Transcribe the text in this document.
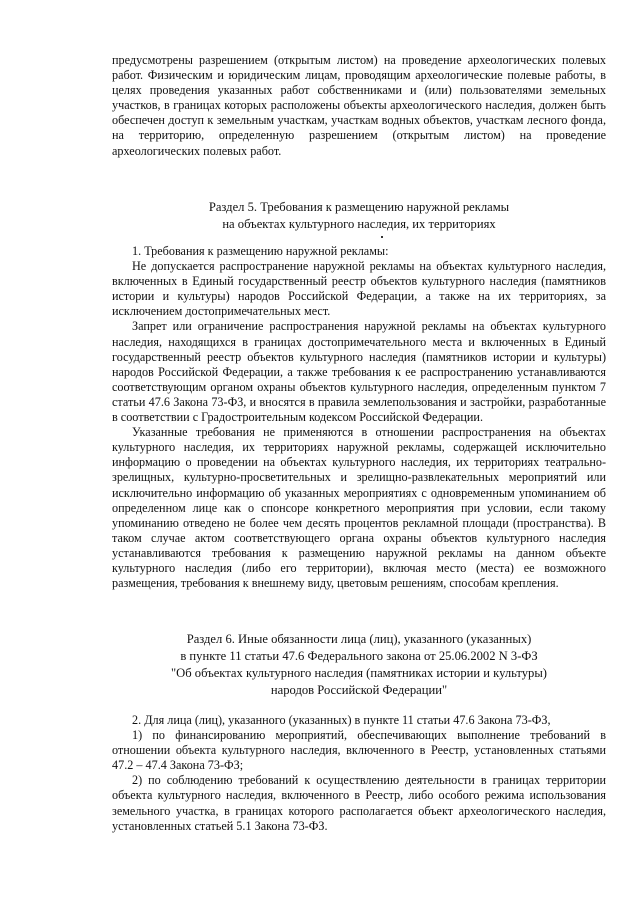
предусмотрены разрешением (открытым листом) на проведение археологических полевых работ. Физическим и юридическим лицам, проводящим археологические полевые работы, в целях проведения указанных работ собственниками и (или) пользователями земельных участков, в границах которых расположены объекты археологического наследия, должен быть обеспечен доступ к земельным участкам, участкам водных объектов, участкам лесного фонда, на территорию, определенную разрешением (открытым листом) на проведение археологических полевых работ.

Раздел 5. Требования к размещению наружной рекламы
на объектах культурного наследия, их территориях

1. Требования к размещению наружной рекламы:

Не допускается распространение наружной рекламы на объектах культурного наследия, включенных в Единый государственный реестр объектов культурного наследия (памятников истории и культуры) народов Российской Федерации, а также на их территориях, за исключением достопримечательных мест.

Запрет или ограничение распространения наружной рекламы на объектах культурного наследия, находящихся в границах достопримечательного места и включенных в Единый государственный реестр объектов культурного наследия (памятников истории и культуры) народов Российской Федерации, а также требования к ее распространению устанавливаются соответствующим органом охраны объектов культурного наследия, определенным пунктом 7 статьи 47.6 Закона 73-ФЗ, и вносятся в правила землепользования и застройки, разработанные в соответствии с Градостроительным кодексом Российской Федерации.

Указанные требования не применяются в отношении распространения на объектах культурного наследия, их территориях наружной рекламы, содержащей исключительно информацию о проведении на объектах культурного наследия, их территориях театрально-зрелищных, культурно-просветительных и зрелищно-развлекательных мероприятий или исключительно информацию об указанных мероприятиях с одновременным упоминанием об определенном лице как о спонсоре конкретного мероприятия при условии, если такому упоминанию отведено не более чем десять процентов рекламной площади (пространства). В таком случае актом соответствующего органа охраны объектов культурного наследия устанавливаются требования к размещению наружной рекламы на данном объекте культурного наследия (либо его территории), включая место (места) ее возможного размещения, требования к внешнему виду, цветовым решениям, способам крепления.

Раздел 6. Иные обязанности лица (лиц), указанного (указанных)
в пункте 11 статьи 47.6 Федерального закона от 25.06.2002 N 3-ФЗ
"Об объектах культурного наследия (памятниках истории и культуры)
народов Российской Федерации"

2. Для лица (лиц), указанного (указанных) в пункте 11 статьи 47.6 Закона 73-ФЗ,

1) по финансированию мероприятий, обеспечивающих выполнение требований в отношении объекта культурного наследия, включенного в Реестр, установленных статьями 47.2 – 47.4 Закона 73-ФЗ;

2) по соблюдению требований к осуществлению деятельности в границах территории объекта культурного наследия, включенного в Реестр, либо особого режима использования земельного участка, в границах которого располагается объект археологического наследия, установленных статьей 5.1 Закона 73-ФЗ.
